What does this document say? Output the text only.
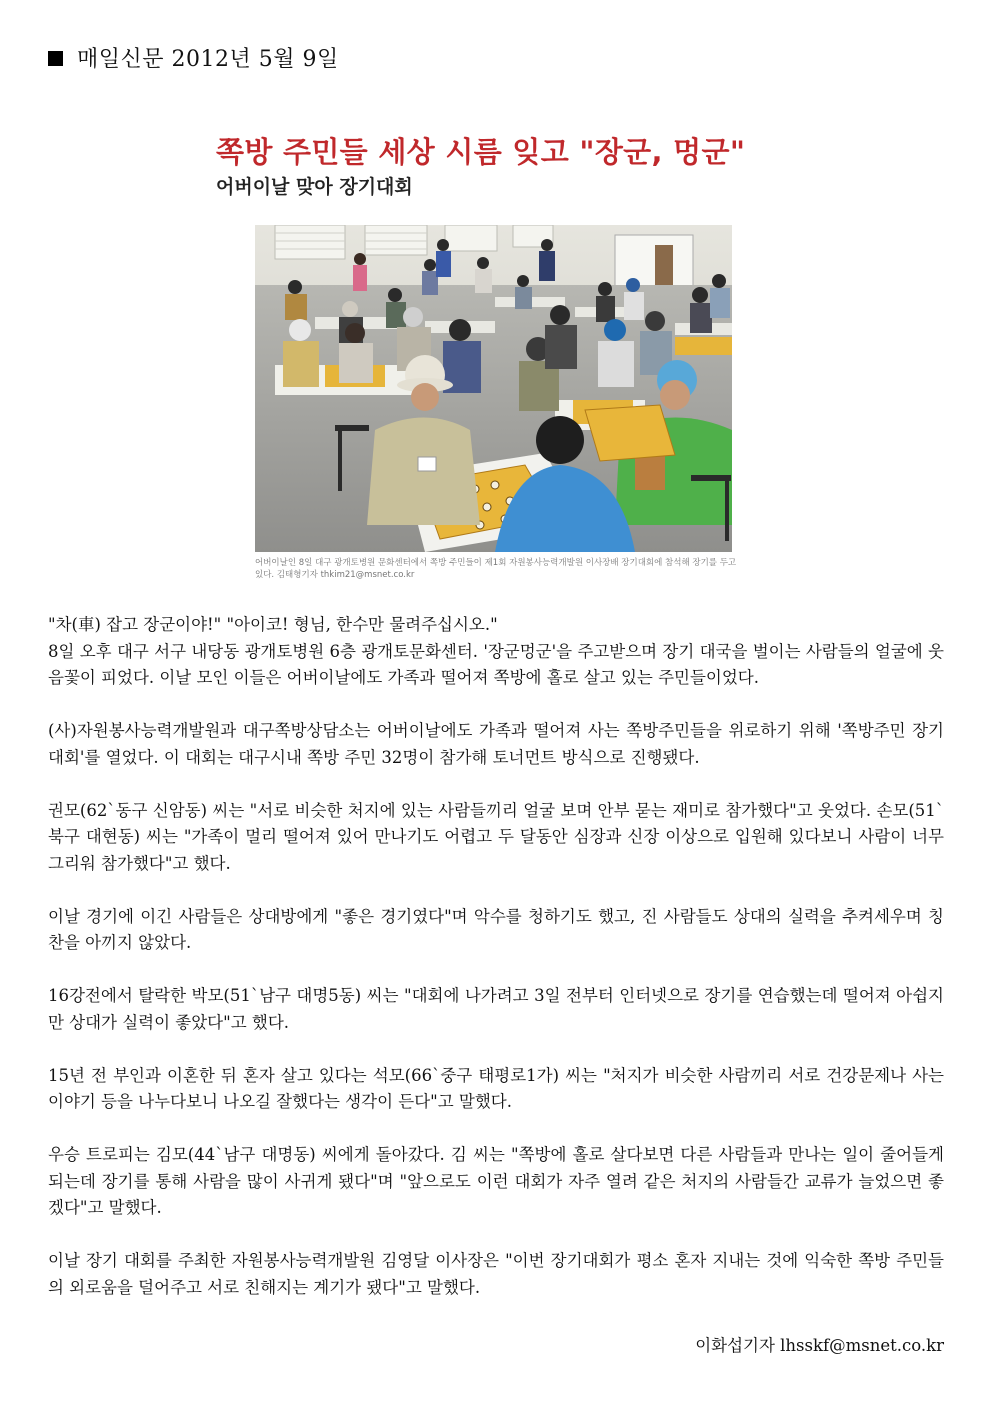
매일신문 2012년 5월 9일
쪽방 주민들 세상 시름 잊고 "장군, 멍군"
어버이날 맞아 장기대회
어버이날인 8일 대구 광개토병원 문화센터에서 쪽방 주민들이 제1회 자원봉사능력개발원 이사장배 장기대회에 참석해 장기를 두고 있다. 김태형기자 thkim21@msnet.co.kr

"차(車) 잡고 장군이야!" "아이코! 형님, 한수만 물려주십시오."
8일 오후 대구 서구 내당동 광개토병원 6층 광개토문화센터. '장군멍군'을 주고받으며 장기 대국을 벌이는 사람들의 얼굴에 웃음꽃이 피었다. 이날 모인 이들은 어버이날에도 가족과 떨어져 쪽방에 홀로 살고 있는 주민들이었다.

(사)자원봉사능력개발원과 대구쪽방상담소는 어버이날에도 가족과 떨어져 사는 쪽방주민들을 위로하기 위해 '쪽방주민 장기대회'를 열었다. 이 대회는 대구시내 쪽방 주민 32명이 참가해 토너먼트 방식으로 진행됐다.

권모(62`동구 신암동) 씨는 "서로 비슷한 처지에 있는 사람들끼리 얼굴 보며 안부 묻는 재미로 참가했다"고 웃었다. 손모(51`북구 대현동) 씨는 "가족이 멀리 떨어져 있어 만나기도 어렵고 두 달동안 심장과 신장 이상으로 입원해 있다보니 사람이 너무 그리워 참가했다"고 했다.

이날 경기에 이긴 사람들은 상대방에게 "좋은 경기였다"며 악수를 청하기도 했고, 진 사람들도 상대의 실력을 추켜세우며 칭찬을 아끼지 않았다.

16강전에서 탈락한 박모(51`남구 대명5동) 씨는 "대회에 나가려고 3일 전부터 인터넷으로 장기를 연습했는데 떨어져 아쉽지만 상대가 실력이 좋았다"고 했다.

15년 전 부인과 이혼한 뒤 혼자 살고 있다는 석모(66`중구 태평로1가) 씨는 "처지가 비슷한 사람끼리 서로 건강문제나 사는 이야기 등을 나누다보니 나오길 잘했다는 생각이 든다"고 말했다.

우승 트로피는 김모(44`남구 대명동) 씨에게 돌아갔다. 김 씨는 "쪽방에 홀로 살다보면 다른 사람들과 만나는 일이 줄어들게 되는데 장기를 통해 사람을 많이 사귀게 됐다"며 "앞으로도 이런 대회가 자주 열려 같은 처지의 사람들간 교류가 늘었으면 좋겠다"고 말했다.

이날 장기 대회를 주최한 자원봉사능력개발원 김영달 이사장은 "이번 장기대회가 평소 혼자 지내는 것에 익숙한 쪽방 주민들의 외로움을 덜어주고 서로 친해지는 계기가 됐다"고 말했다.

이화섭기자 lhsskf@msnet.co.kr
